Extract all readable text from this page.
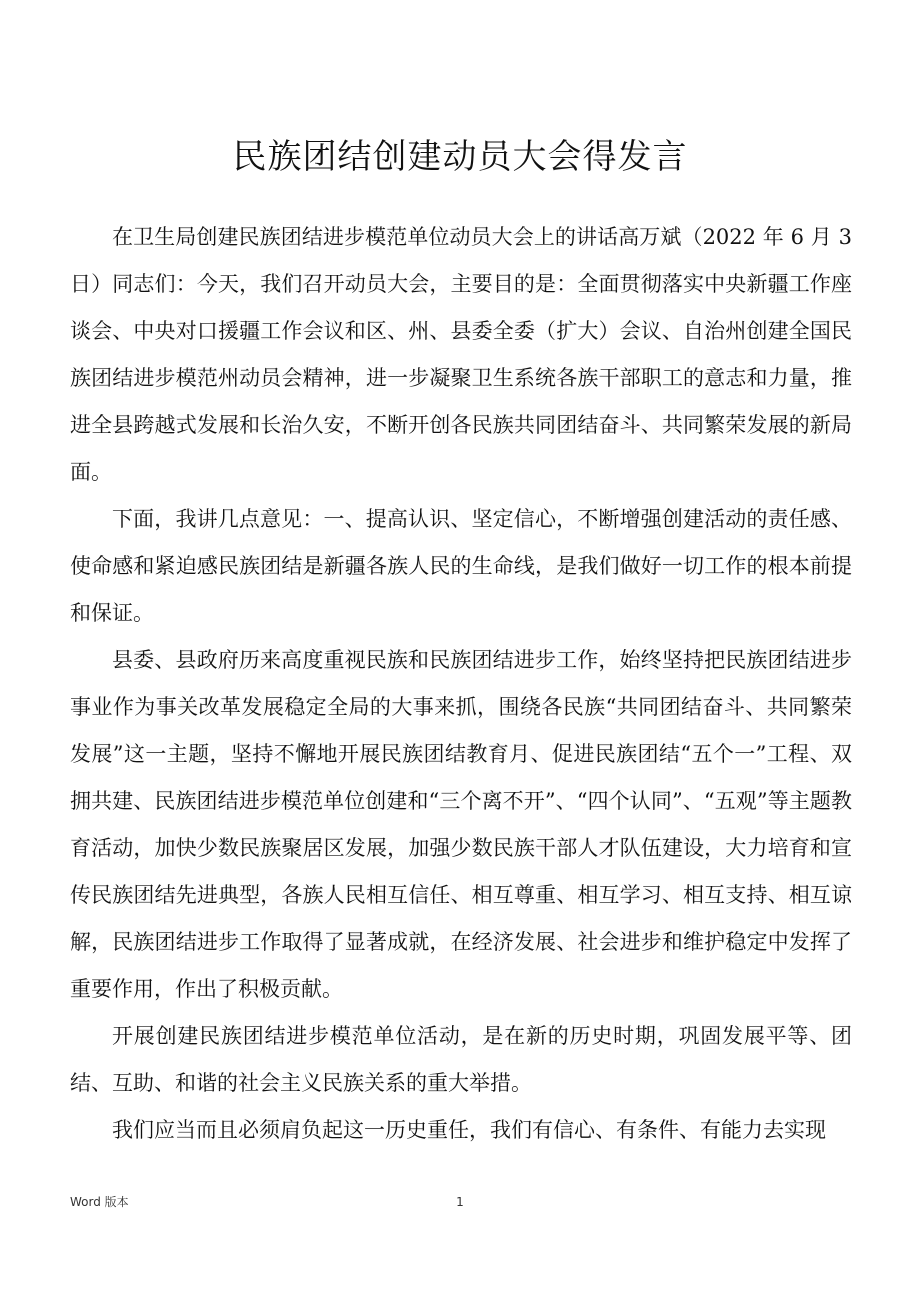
民族团结创建动员大会得发言

在卫生局创建民族团结进步模范单位动员大会上的讲话高万斌（2022 年 6 月 3 日）同志们：今天，我们召开动员大会，主要目的是：全面贯彻落实中央新疆工作座谈会、中央对口援疆工作会议和区、州、县委全委（扩大）会议、自治州创建全国民族团结进步模范州动员会精神，进一步凝聚卫生系统各族干部职工的意志和力量，推进全县跨越式发展和长治久安，不断开创各民族共同团结奋斗、共同繁荣发展的新局面。

下面，我讲几点意见：一、提高认识、坚定信心，不断增强创建活动的责任感、使命感和紧迫感民族团结是新疆各族人民的生命线，是我们做好一切工作的根本前提和保证。

县委、县政府历来高度重视民族和民族团结进步工作，始终坚持把民族团结进步事业作为事关改革发展稳定全局的大事来抓，围绕各民族“共同团结奋斗、共同繁荣发展”这一主题，坚持不懈地开展民族团结教育月、促进民族团结“五个一”工程、双拥共建、民族团结进步模范单位创建和“三个离不开”、“四个认同”、“五观”等主题教育活动，加快少数民族聚居区发展，加强少数民族干部人才队伍建设，大力培育和宣传民族团结先进典型，各族人民相互信任、相互尊重、相互学习、相互支持、相互谅解，民族团结进步工作取得了显著成就，在经济发展、社会进步和维护稳定中发挥了重要作用，作出了积极贡献。

开展创建民族团结进步模范单位活动，是在新的历史时期，巩固发展平等、团结、互助、和谐的社会主义民族关系的重大举措。

我们应当而且必须肩负起这一历史重任，我们有信心、有条件、有能力去实现

Word 版本	1
